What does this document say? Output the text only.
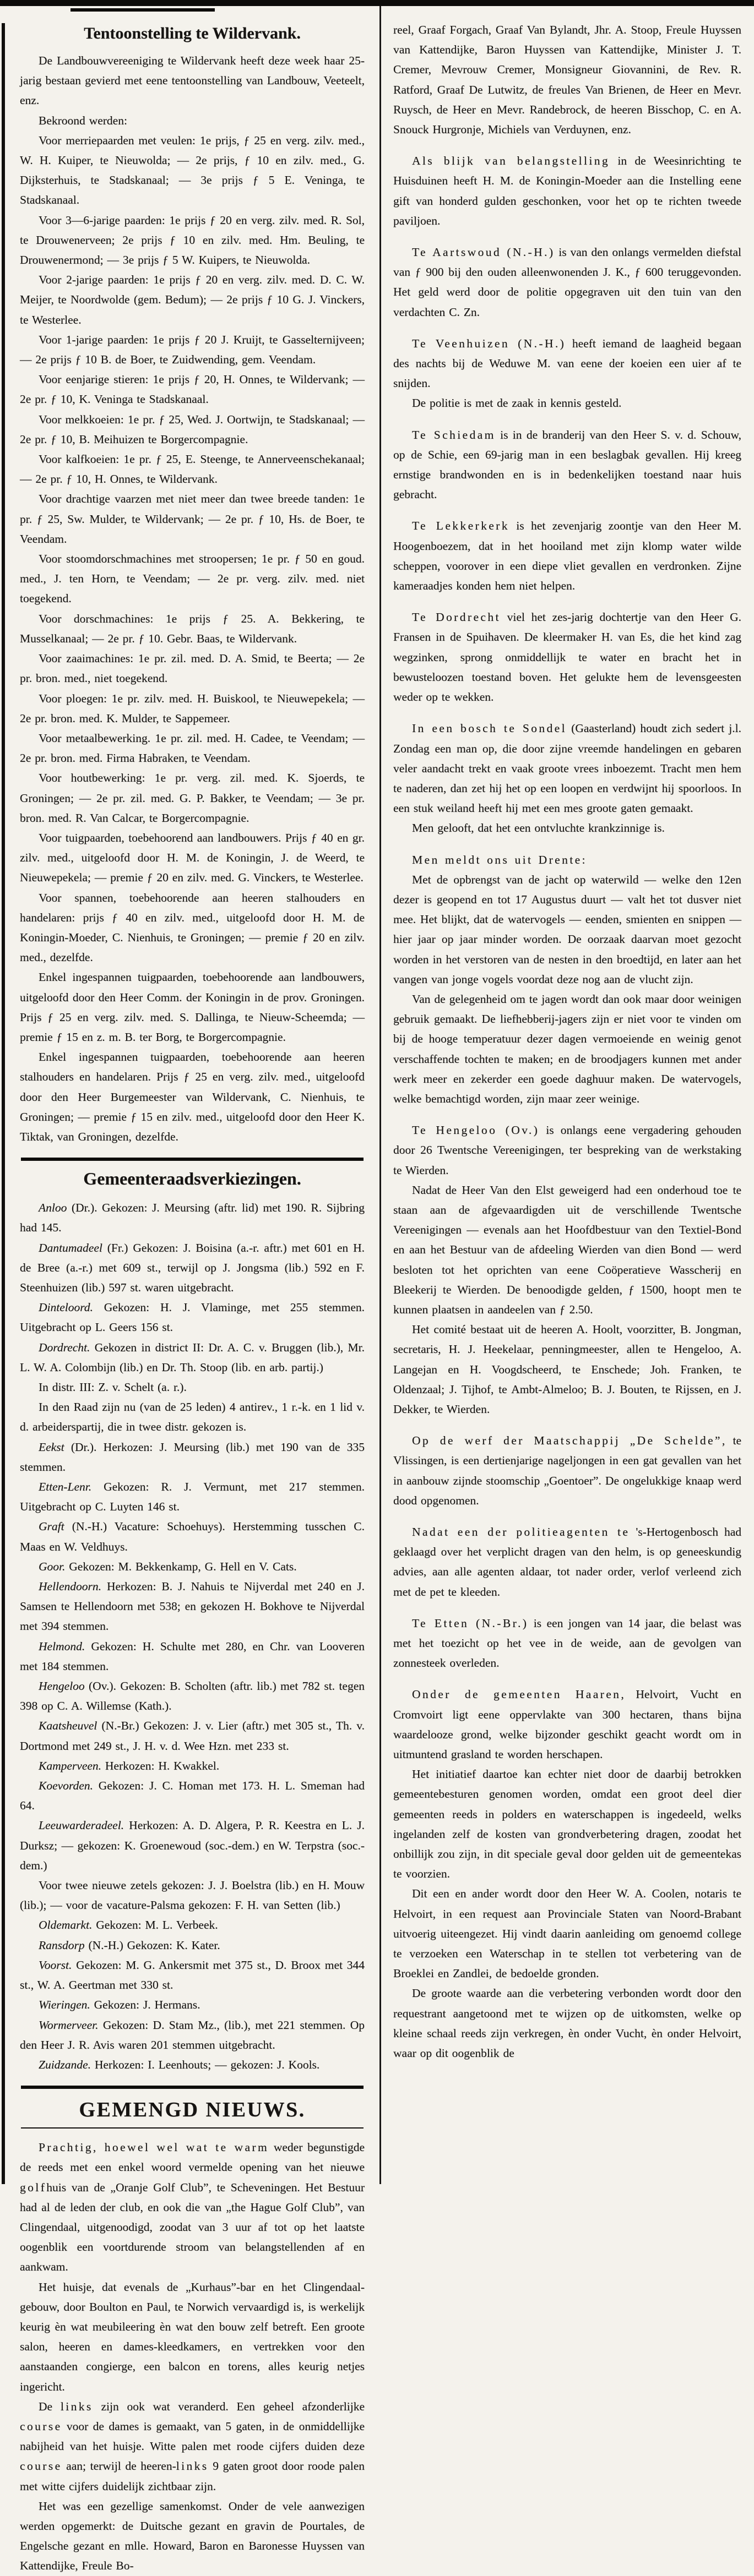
Tentoonstelling te Wildervank.

De Landbouwvereeniging te Wildervank heeft deze week haar 25-jarig bestaan gevierd met eene tentoonstelling van Landbouw, Veeteelt, enz.

Bekroond werden:

Voor merriepaarden met veulen: 1e prijs, ƒ 25 en verg. zilv. med., W. H. Kuiper, te Nieuwolda; — 2e prijs, ƒ 10 en zilv. med., G. Dijksterhuis, te Stadskanaal; — 3e prijs ƒ 5 E. Veninga, te Stadskanaal.

Voor 3—6-jarige paarden: 1e prijs ƒ 20 en verg. zilv. med. R. Sol, te Drouwenerveen; 2e prijs ƒ 10 en zilv. med. Hm. Beuling, te Drouwenermond; — 3e prijs ƒ 5 W. Kuipers, te Nieuwolda.

Voor 2-jarige paarden: 1e prijs ƒ 20 en verg. zilv. med. D. C. W. Meijer, te Noordwolde (gem. Bedum); — 2e prijs ƒ 10 G. J. Vinckers, te Westerlee.

Voor 1-jarige paarden: 1e prijs ƒ 20 J. Kruijt, te Gasselternijveen; — 2e prijs ƒ 10 B. de Boer, te Zuidwending, gem. Veendam.

Voor eenjarige stieren: 1e prijs ƒ 20, H. Onnes, te Wildervank; — 2e pr. ƒ 10, K. Veninga te Stadskanaal.

Voor melkkoeien: 1e pr. ƒ 25, Wed. J. Oortwijn, te Stadskanaal; — 2e pr. ƒ 10, B. Meihuizen te Borgercompagnie.

Voor kalfkoeien: 1e pr. ƒ 25, E. Steenge, te Annerveenschekanaal; — 2e pr. ƒ 10, H. Onnes, te Wildervank.

Voor drachtige vaarzen met niet meer dan twee breede tanden: 1e pr. ƒ 25, Sw. Mulder, te Wildervank; — 2e pr. ƒ 10, Hs. de Boer, te Veendam.

Voor stoomdorschmachines met stroopersen; 1e pr. ƒ 50 en goud. med., J. ten Horn, te Veendam; — 2e pr. verg. zilv. med. niet toegekend.

Voor dorschmachines: 1e prijs ƒ 25. A. Bekkering, te Musselkanaal; — 2e pr. ƒ 10. Gebr. Baas, te Wildervank.

Voor zaaimachines: 1e pr. zil. med. D. A. Smid, te Beerta; — 2e pr. bron. med., niet toegekend.

Voor ploegen: 1e pr. zilv. med. H. Buiskool, te Nieuwepekela; — 2e pr. bron. med. K. Mulder, te Sappemeer.

Voor metaalbewerking. 1e pr. zil. med. H. Cadee, te Veendam; — 2e pr. bron. med. Firma Habraken, te Veendam.

Voor houtbewerking: 1e pr. verg. zil. med. K. Sjoerds, te Groningen; — 2e pr. zil. med. G. P. Bakker, te Veendam; — 3e pr. bron. med. R. Van Calcar, te Borgercompagnie.

Voor tuigpaarden, toebehoorend aan landbouwers. Prijs ƒ 40 en gr. zilv. med., uitgeloofd door H. M. de Koningin, J. de Weerd, te Nieuwepekela; — premie ƒ 20 en zilv. med. G. Vinckers, te Westerlee.

Voor spannen, toebehoorende aan heeren stalhouders en handelaren: prijs ƒ 40 en zilv. med., uitgeloofd door H. M. de Koningin-Moeder, C. Nienhuis, te Groningen; — premie ƒ 20 en zilv. med., dezelfde.

Enkel ingespannen tuigpaarden, toebehoorende aan landbouwers, uitgeloofd door den Heer Comm. der Koningin in de prov. Groningen. Prijs ƒ 25 en verg. zilv. med. S. Dallinga, te Nieuw-Scheemda; — premie ƒ 15 en z. m. B. ter Borg, te Borgercompagnie.

Enkel ingespannen tuigpaarden, toebehoorende aan heeren stalhouders en handelaren. Prijs ƒ 25 en verg. zilv. med., uitgeloofd door den Heer Burgemeester van Wildervank, C. Nienhuis, te Groningen; — premie ƒ 15 en zilv. med., uitgeloofd door den Heer K. Tiktak, van Groningen, dezelfde.

Gemeenteraadsverkiezingen.

Anloo (Dr.). Gekozen: J. Meursing (aftr. lid) met 190. R. Sijbring had 145.

Dantumadeel (Fr.) Gekozen: J. Boisina (a.-r. aftr.) met 601 en H. de Bree (a.-r.) met 609 st., terwijl op J. Jongsma (lib.) 592 en F. Steenhuizen (lib.) 597 st. waren uitgebracht.

Dinteloord. Gekozen: H. J. Vlaminge, met 255 stemmen. Uitgebracht op L. Geers 156 st.

Dordrecht. Gekozen in district II: Dr. A. C. v. Bruggen (lib.), Mr. L. W. A. Colombijn (lib.) en Dr. Th. Stoop (lib. en arb. partij.)

In distr. III: Z. v. Schelt (a. r.).

In den Raad zijn nu (van de 25 leden) 4 antirev., 1 r.-k. en 1 lid v. d. arbeiderspartij, die in twee distr. gekozen is.

Eekst (Dr.). Herkozen: J. Meursing (lib.) met 190 van de 335 stemmen.

Etten-Lenr. Gekozen: R. J. Vermunt, met 217 stemmen. Uitgebracht op C. Luyten 146 st.

Graft (N.-H.) Vacature: Schoehuys). Herstemming tusschen C. Maas en W. Veldhuys.

Goor. Gekozen: M. Bekkenkamp, G. Hell en V. Cats.

Hellendoorn. Herkozen: B. J. Nahuis te Nijverdal met 240 en J. Samsen te Hellendoorn met 538; en gekozen H. Bokhove te Nijverdal met 394 stemmen.

Helmond. Gekozen: H. Schulte met 280, en Chr. van Looveren met 184 stemmen.

Hengeloo (Ov.). Gekozen: B. Scholten (aftr. lib.) met 782 st. tegen 398 op C. A. Willemse (Kath.).

Kaatsheuvel (N.-Br.) Gekozen: J. v. Lier (aftr.) met 305 st., Th. v. Dortmond met 249 st., J. H. v. d. Wee Hzn. met 233 st.

Kamperveen. Herkozen: H. Kwakkel.

Koevorden. Gekozen: J. C. Homan met 173. H. L. Smeman had 64.

Leeuwarderadeel. Herkozen: A. D. Algera, P. R. Keestra en L. J. Durksz; — gekozen: K. Groenewoud (soc.-dem.) en W. Terpstra (soc.-dem.)

Voor twee nieuwe zetels gekozen: J. J. Boelstra (lib.) en H. Mouw (lib.); — voor de vacature-Palsma gekozen: F. H. van Setten (lib.)

Oldemarkt. Gekozen: M. L. Verbeek.

Ransdorp (N.-H.) Gekozen: K. Kater.

Voorst. Gekozen: M. G. Ankersmit met 375 st., D. Broox met 344 st., W. A. Geertman met 330 st.

Wieringen. Gekozen: J. Hermans.

Wormerveer. Gekozen: D. Stam Mz., (lib.), met 221 stemmen. Op den Heer J. R. Avis waren 201 stemmen uitgebracht.

Zuidzande. Herkozen: I. Leenhouts; — gekozen: J. Kools.

GEMENGD NIEUWS.

Prachtig, hoewel wel wat te warm weder begunstigde de reeds met een enkel woord vermelde opening van het nieuwe golfhuis van de „Oranje Golf Club”, te Scheveningen. Het Bestuur had al de leden der club, en ook die van „the Hague Golf Club”, van Clingendaal, uitgenoodigd, zoodat van 3 uur af tot op het laatste oogenblik een voortdurende stroom van belangstellenden af en aankwam.

Het huisje, dat evenals de „Kurhaus”-bar en het Clingendaal-gebouw, door Boulton en Paul, te Norwich vervaardigd is, is werkelijk keurig èn wat meubileering èn wat den bouw zelf betreft. Een groote salon, heeren en dames-kleedkamers, en vertrekken voor den aanstaanden congierge, een balcon en torens, alles keurig netjes ingericht.

De links zijn ook wat veranderd. Een geheel afzonderlijke course voor de dames is gemaakt, van 5 gaten, in de onmiddellijke nabijheid van het huisje. Witte palen met roode cijfers duiden deze course aan; terwijl de heeren-links 9 gaten groot door roode palen met witte cijfers duidelijk zichtbaar zijn.

Het was een gezellige samenkomst. Onder de vele aanwezigen werden opgemerkt: de Duitsche gezant en gravin de Pourtales, de Engelsche gezant en mlle. Howard, Baron en Baronesse Huyssen van Kattendijke, Freule Bo-

reel, Graaf Forgach, Graaf Van Bylandt, Jhr. A. Stoop, Freule Huyssen van Kattendijke, Baron Huyssen van Kattendijke, Minister J. T. Cremer, Mevrouw Cremer, Monsigneur Giovannini, de Rev. R. Ratford, Graaf De Lutwitz, de freules Van Brienen, de Heer en Mevr. Ruysch, de Heer en Mevr. Randebrock, de heeren Bisschop, C. en A. Snouck Hurgronje, Michiels van Verduynen, enz.

Als blijk van belangstelling in de Weesinrichting te Huisduinen heeft H. M. de Koningin-Moeder aan die Instelling eene gift van honderd gulden geschonken, voor het op te richten tweede paviljoen.

Te Aartswoud (N.-H.) is van den onlangs vermelden diefstal van ƒ 900 bij den ouden alleenwonenden J. K., ƒ 600 teruggevonden. Het geld werd door de politie opgegraven uit den tuin van den verdachten C. Zn.

Te Veenhuizen (N.-H.) heeft iemand de laagheid begaan des nachts bij de Weduwe M. van eene der koeien een uier af te snijden.

De politie is met de zaak in kennis gesteld.

Te Schiedam is in de branderij van den Heer S. v. d. Schouw, op de Schie, een 69-jarig man in een beslagbak gevallen. Hij kreeg ernstige brandwonden en is in bedenkelijken toestand naar huis gebracht.

Te Lekkerkerk is het zevenjarig zoontje van den Heer M. Hoogenboezem, dat in het hooiland met zijn klomp water wilde scheppen, voorover in een diepe vliet gevallen en verdronken. Zijne kameraadjes konden hem niet helpen.

Te Dordrecht viel het zes-jarig dochtertje van den Heer G. Fransen in de Spuihaven. De kleermaker H. van Es, die het kind zag wegzinken, sprong onmiddellijk te water en bracht het in bewusteloozen toestand boven. Het gelukte hem de levensgeesten weder op te wekken.

In een bosch te Sondel (Gaasterland) houdt zich sedert j.l. Zondag een man op, die door zijne vreemde handelingen en gebaren veler aandacht trekt en vaak groote vrees inboezemt. Tracht men hem te naderen, dan zet hij het op een loopen en verdwijnt hij spoorloos. In een stuk weiland heeft hij met een mes groote gaten gemaakt.

Men gelooft, dat het een ontvluchte krankzinnige is.

Men meldt ons uit Drente:

Met de opbrengst van de jacht op waterwild — welke den 12en dezer is geopend en tot 17 Augustus duurt — valt het tot dusver niet mee. Het blijkt, dat de watervogels — eenden, smienten en snippen — hier jaar op jaar minder worden. De oorzaak daarvan moet gezocht worden in het verstoren van de nesten in den broedtijd, en later aan het vangen van jonge vogels voordat deze nog aan de vlucht zijn.

Van de gelegenheid om te jagen wordt dan ook maar door weinigen gebruik gemaakt. De liefhebberij-jagers zijn er niet voor te vinden om bij de hooge temperatuur dezer dagen vermoeiende en weinig genot verschaffende tochten te maken; en de broodjagers kunnen met ander werk meer en zekerder een goede daghuur maken. De watervogels, welke bemachtigd worden, zijn maar zeer weinige.

Te Hengeloo (Ov.) is onlangs eene vergadering gehouden door 26 Twentsche Vereenigingen, ter bespreking van de werkstaking te Wierden.

Nadat de Heer Van den Elst geweigerd had een onderhoud toe te staan aan de afgevaardigden uit de verschillende Twentsche Vereenigingen — evenals aan het Hoofdbestuur van den Textiel-Bond en aan het Bestuur van de afdeeling Wierden van dien Bond — werd besloten tot het oprichten van eene Coöperatieve Wasscherij en Bleekerij te Wierden. De benoodigde gelden, ƒ 1500, hoopt men te kunnen plaatsen in aandeelen van ƒ 2.50.

Het comité bestaat uit de heeren A. Hoolt, voorzitter, B. Jongman, secretaris, H. J. Heekelaar, penningmeester, allen te Hengeloo, A. Langejan en H. Voogdscheerd, te Enschede; Joh. Franken, te Oldenzaal; J. Tijhof, te Ambt-Almeloo; B. J. Bouten, te Rijssen, en J. Dekker, te Wierden.

Op de werf der Maatschappij „De Schelde”, te Vlissingen, is een dertienjarige nageljongen in een gat gevallen van het in aanbouw zijnde stoomschip „Goentoer”. De ongelukkige knaap werd dood opgenomen.

Nadat een der politieagenten te 's-Hertogenbosch had geklaagd over het verplicht dragen van den helm, is op geneeskundig advies, aan alle agenten aldaar, tot nader order, verlof verleend zich met de pet te kleeden.

Te Etten (N.-Br.) is een jongen van 14 jaar, die belast was met het toezicht op het vee in de weide, aan de gevolgen van zonnesteek overleden.

Onder de gemeenten Haaren, Helvoirt, Vucht en Cromvoirt ligt eene oppervlakte van 300 hectaren, thans bijna waardelooze grond, welke bijzonder geschikt geacht wordt om in uitmuntend grasland te worden herschapen.

Het initiatief daartoe kan echter niet door de daarbij betrokken gemeentebesturen genomen worden, omdat een groot deel dier gemeenten reeds in polders en waterschappen is ingedeeld, welks ingelanden zelf de kosten van grondverbetering dragen, zoodat het onbillijk zou zijn, in dit speciale geval door gelden uit de gemeentekas te voorzien.

Dit een en ander wordt door den Heer W. A. Coolen, notaris te Helvoirt, in een request aan Provinciale Staten van Noord-Brabant uitvoerig uiteengezet. Hij vindt daarin aanleiding om genoemd college te verzoeken een Waterschap in te stellen tot verbetering van de Broeklei en Zandlei, de bedoelde gronden.

De groote waarde aan die verbetering verbonden wordt door den requestrant aangetoond met te wijzen op de uitkomsten, welke op kleine schaal reeds zijn verkregen, èn onder Vucht, èn onder Helvoirt, waar op dit oogenblik de
